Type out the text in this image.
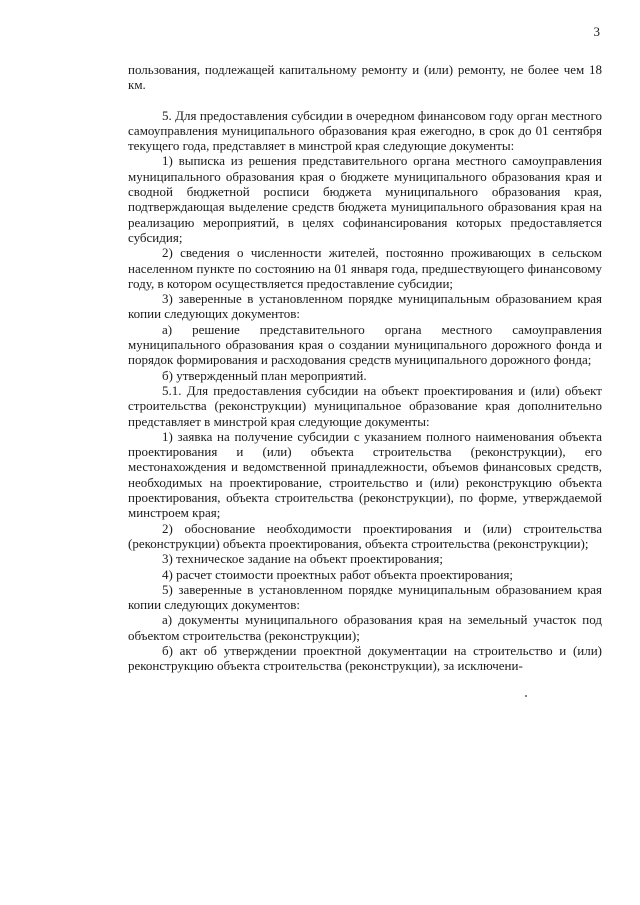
3

пользования, подлежащей капитальному ремонту и (или) ремонту, не более чем 18 км.

5. Для предоставления субсидии в очередном финансовом году орган местного самоуправления муниципального образования края ежегодно, в срок до 01 сентября текущего года, представляет в минстрой края следующие документы:

1) выписка из решения представительного органа местного самоуправления муниципального образования края о бюджете муниципального образования края и сводной бюджетной росписи бюджета муниципального образования края, подтверждающая выделение средств бюджета муниципального образования края на реализацию мероприятий, в целях софинансирования которых предоставляется субсидия;

2) сведения о численности жителей, постоянно проживающих в сельском населенном пункте по состоянию на 01 января года, предшествующего финансовому году, в котором осуществляется предоставление субсидии;

3) заверенные в установленном порядке муниципальным образованием края копии следующих документов:

а) решение представительного органа местного самоуправления муниципального образования края о создании муниципального дорожного фонда и порядок формирования и расходования средств муниципального дорожного фонда;

б) утвержденный план мероприятий.

5.1. Для предоставления субсидии на объект проектирования и (или) объект строительства (реконструкции) муниципальное образование края дополнительно представляет в минстрой края следующие документы:

1) заявка на получение субсидии с указанием полного наименования объекта проектирования и (или) объекта строительства (реконструкции), его местонахождения и ведомственной принадлежности, объемов финансовых средств, необходимых на проектирование, строительство и (или) реконструкцию объекта проектирования, объекта строительства (реконструкции), по форме, утверждаемой минстроем края;

2) обоснование необходимости проектирования и (или) строительства (реконструкции) объекта проектирования, объекта строительства (реконструкции);

3) техническое задание на объект проектирования;

4) расчет стоимости проектных работ объекта проектирования;

5) заверенные в установленном порядке муниципальным образованием края копии следующих документов:

а) документы муниципального образования края на земельный участок под объектом строительства (реконструкции);

б) акт об утверждении проектной документации на строительство и (или) реконструкцию объекта строительства (реконструкции), за исключени-
